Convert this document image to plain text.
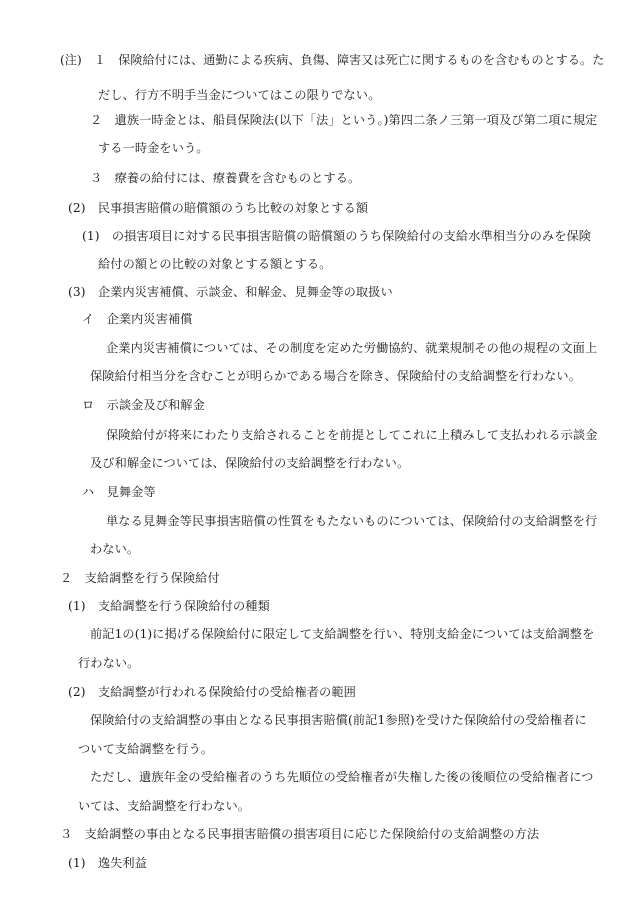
(注)　１　保険給付には、通勤による疾病、負傷、障害又は死亡に関するものを含むものとする。た
だし、行方不明手当金についてはこの限りでない。
２　遺族一時金とは、船員保険法(以下「法」という。)第四二条ノ三第一項及び第二項に規定
する一時金をいう。
３　療養の給付には、療養費を含むものとする。
(2)　民事損害賠償の賠償額のうち比較の対象とする額
(1)　の損害項目に対する民事損害賠償の賠償額のうち保険給付の支給水準相当分のみを保険
給付の額との比較の対象とする額とする。
(3)　企業内災害補償、示談金、和解金、見舞金等の取扱い
イ　企業内災害補償
企業内災害補償については、その制度を定めた労働協約、就業規制その他の規程の文面上
保険給付相当分を含むことが明らかである場合を除き、保険給付の支給調整を行わない。
ロ　示談金及び和解金
保険給付が将来にわたり支給されることを前提としてこれに上積みして支払われる示談金
及び和解金については、保険給付の支給調整を行わない。
ハ　見舞金等
単なる見舞金等民事損害賠償の性質をもたないものについては、保険給付の支給調整を行
わない。
２　支給調整を行う保険給付
(1)　支給調整を行う保険給付の種類
前記1の(1)に掲げる保険給付に限定して支給調整を行い、特別支給金については支給調整を
行わない。
(2)　支給調整が行われる保険給付の受給権者の範囲
保険給付の支給調整の事由となる民事損害賠償(前記1参照)を受けた保険給付の受給権者に
ついて支給調整を行う。
ただし、遺族年金の受給権者のうち先順位の受給権者が失権した後の後順位の受給権者につ
いては、支給調整を行わない。
３　支給調整の事由となる民事損害賠償の損害項目に応じた保険給付の支給調整の方法
(1)　逸失利益
